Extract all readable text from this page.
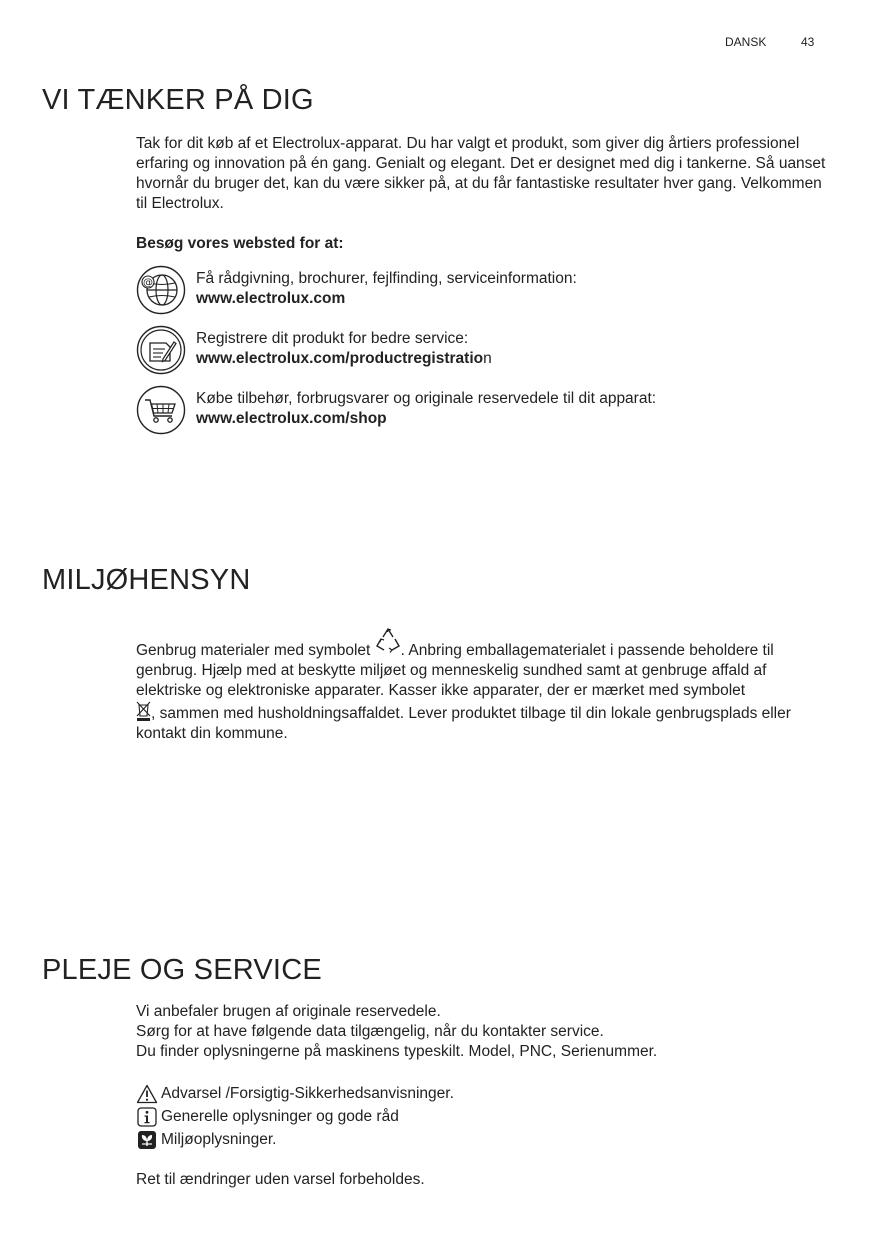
DANSK	43
VI TÆNKER PÅ DIG

Tak for dit køb af et Electrolux-apparat. Du har valgt et produkt, som giver dig årtiers professionel erfaring og innovation på én gang. Genialt og elegant. Det er designet med dig i tankerne. Så uanset hvornår du bruger det, kan du være sikker på, at du får fantastiske resultater hver gang. Velkommen til Electrolux.

Besøg vores websted for at:
@	Få rådgivning, brochurer, fejlfinding, serviceinformation:
www.electrolux.com
Registrere dit produkt for bedre service:
www.electrolux.com/productregistration
Købe tilbehør, forbrugsvarer og originale reservedele til dit apparat:
www.electrolux.com/shop
MILJØHENSYN

Genbrug materialer med symbolet . Anbring emballagematerialet i passende beholdere til genbrug. Hjælp med at beskytte miljøet og menneskelig sundhed samt at genbruge affald af elektriske og elektroniske apparater. Kasser ikke apparater, der er mærket med symbolet
, sammen med husholdningsaffaldet. Lever produktet tilbage til din lokale genbrugsplads eller kontakt din kommune.

PLEJE OG SERVICE

Vi anbefaler brugen af originale reservedele.

Sørg for at have følgende data tilgængelig, når du kontakter service.

Du finder oplysningerne på maskinens typeskilt. Model, PNC, Serienummer.

Advarsel /Forsigtig-Sikkerhedsanvisninger.
Generelle oplysninger og gode råd
Miljøoplysninger.
Ret til ændringer uden varsel forbeholdes.
